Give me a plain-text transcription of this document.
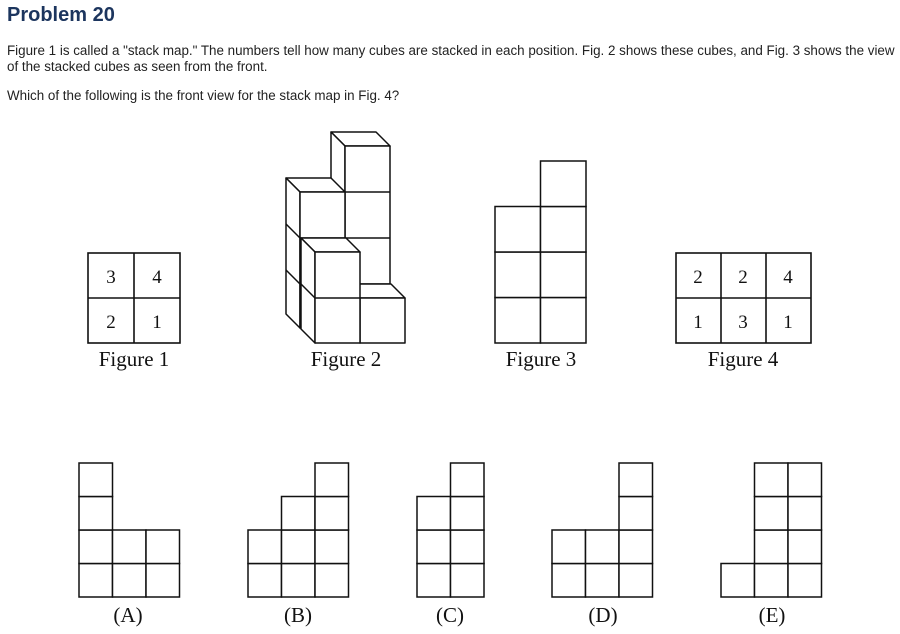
Problem 20

Figure 1 is called a "stack map." The numbers tell how many cubes are stacked in each position. Fig. 2 shows these cubes, and Fig. 3 shows the view of the stacked cubes as seen from the front.

Which of the following is the front view for the stack map in Fig. 4?

3 4
2 1
Figure 1	Figure 2	Figure 3
2 2 4
1 3 1
Figure 4
(A)	(B)	(C)	(D)	(E)
